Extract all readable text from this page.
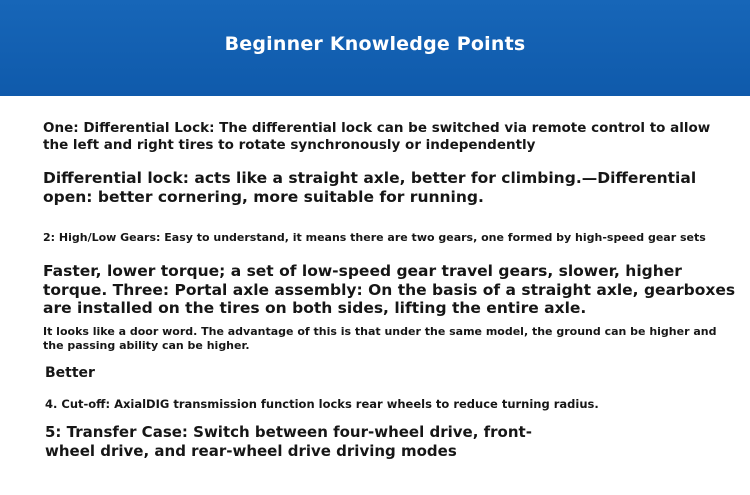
Beginner Knowledge Points

One: Differential Lock: The differential lock can be switched via remote control to allow the left and right tires to rotate synchronously or independently

Differential lock: acts like a straight axle, better for climbing.—Differential open: better cornering, more suitable for running.

2: High/Low Gears: Easy to understand, it means there are two gears, one formed by high-speed gear sets

Faster, lower torque; a set of low-speed gear travel gears, slower, higher torque. Three: Portal axle assembly: On the basis of a straight axle, gearboxes are installed on the tires on both sides, lifting the entire axle.

It looks like a door word. The advantage of this is that under the same model, the ground can be higher and the passing ability can be higher.

Better

4. Cut-off: AxialDIG transmission function locks rear wheels to reduce turning radius.

5: Transfer Case: Switch between four-wheel drive, front-wheel drive, and rear-wheel drive driving modes
